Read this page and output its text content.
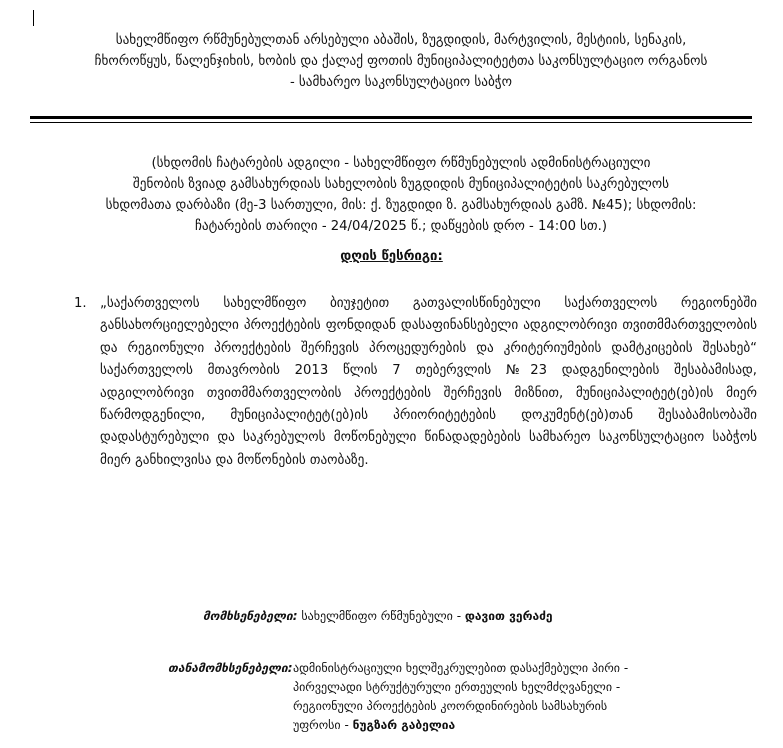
სახელმწიფო რწმუნებულთან არსებული აბაშის, ზუგდიდის, მარტვილის, მესტიის, სენაკის,
ჩხოროწყუს, წალენჯიხის, ხობის და ქალაქ ფოთის მუნიციპალიტეტთა საკონსულტაციო ორგანოს
- სამხარეო საკონსულტაციო საბჭო
(სხდომის ჩატარების ადგილი - სახელმწიფო რწმუნებულის ადმინისტრაციული
შენობის ზვიად გამსახურდიას სახელობის ზუგდიდის მუნიციპალიტეტის საკრებულოს
სხდომათა დარბაზი (მე-3 სართული, მის: ქ. ზუგდიდი ზ. გამსახურდიას გამზ. №45); სხდომის:
ჩატარების თარიღი - 24/04/2025 წ.; დაწყების დრო - 14:00 სთ.)
დღის წესრიგი:
1. „საქართველოს სახელმწიფო ბიუჯეტით გათვალისწინებული საქართველოს რეგიონებში განსახორციელებელი პროექტების ფონდიდან დასაფინანსებელი ადგილობრივი თვითმმართველობის და რეგიონული პროექტების შერჩევის პროცედურების და კრიტერიუმების დამტკიცების შესახებ“ საქართველოს მთავრობის 2013 წლის 7 თებერვლის №23 დადგენილების შესაბამისად, ადგილობრივი თვითმმართველობის პროექტების შერჩევის მიზნით, მუნიციპალიტეტ(ებ)ის მიერ წარმოდგენილი, მუნიციპალიტეტ(ებ)ის პრიორიტეტების დოკუმენტ(ებ)თან შესაბამისობაში დადასტურებული და საკრებულოს მოწონებული წინადადებების სამხარეო საკონსულტაციო საბჭოს მიერ განხილვისა და მოწონების თაობაზე.
მომხსენებელი: სახელმწიფო რწმუნებული - დავით ვერაძე
თანამომხსენებელი: ადმინისტრაციული ხელშეკრულებით დასაქმებული პირი -
პირველადი სტრუქტურული ერთეულის ხელმძღვანელი -
რეგიონული პროექტების კოორდინირების სამსახურის
უფროსი - ნუგზარ გაბელია
